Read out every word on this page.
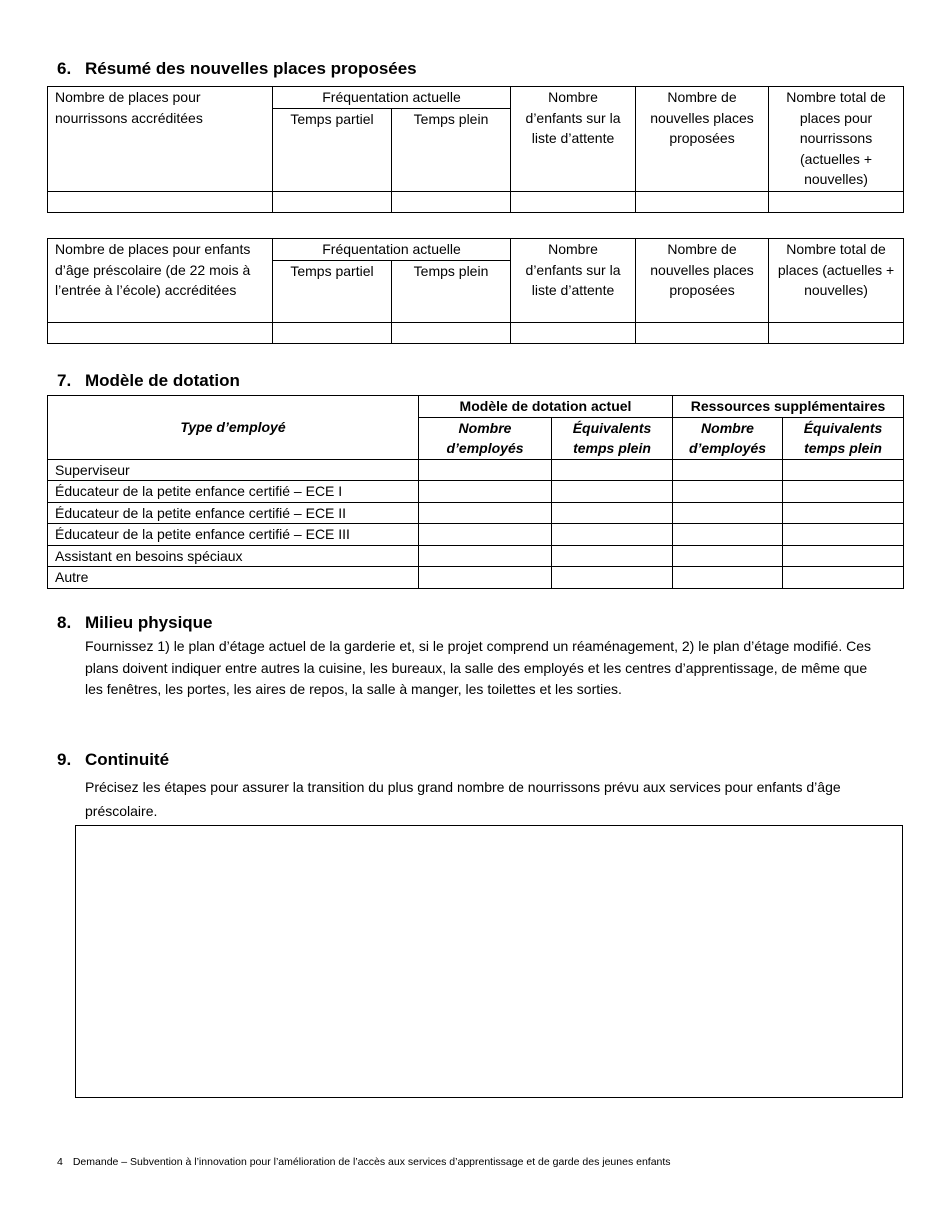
6. Résumé des nouvelles places proposées
Nombre de places pour nourrissons accréditées	Fréquentation actuelle		Nombre d’enfants sur la liste d’attente	Nombre de nouvelles places proposées	Nombre total de places pour nourrissons (actuelles + nouvelles)
	Temps partiel	Temps plein			

Nombre de places pour enfants d’âge préscolaire (de 22 mois à l’entrée à l’école) accréditées	Fréquentation actuelle		Nombre d’enfants sur la liste d’attente	Nombre de nouvelles places proposées	Nombre total de places (actuelles + nouvelles)
	Temps partiel	Temps plein			

7. Modèle de dotation
Type d’employé	Modèle de dotation actuel		Ressources supplémentaires	
	Nombre d’employés	Équivalents temps plein	Nombre d’employés	Équivalents temps plein
Superviseur				
Éducateur de la petite enfance certifié – ECE I				
Éducateur de la petite enfance certifié – ECE II				
Éducateur de la petite enfance certifié – ECE III				
Assistant en besoins spéciaux				
Autre				
8. Milieu physique

Fournissez 1) le plan d’étage actuel de la garderie et, si le projet comprend un réaménagement, 2) le plan d’étage modifié. Ces plans doivent indiquer entre autres la cuisine, les bureaux, la salle des employés et les centres d’apprentissage, de même que les fenêtres, les portes, les aires de repos, la salle à manger, les toilettes et les sorties.

9. Continuité

Précisez les étapes pour assurer la transition du plus grand nombre de nourrissons prévu aux services pour enfants d’âge préscolaire.

4 Demande – Subvention à l’innovation pour l’amélioration de l’accès aux services d’apprentissage et de garde des jeunes enfants
